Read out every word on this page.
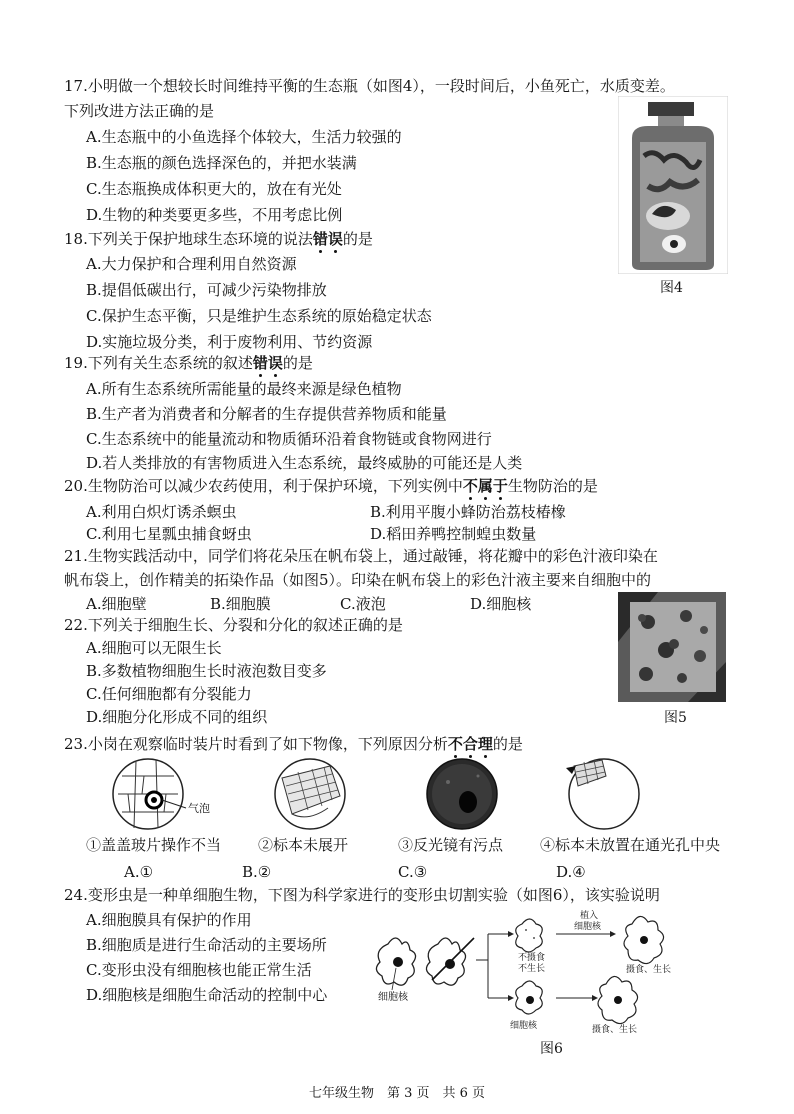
17.小明做一个想较长时间维持平衡的生态瓶（如图4），一段时间后，小鱼死亡，水质变差。
下列改进方法正确的是
A.生态瓶中的小鱼选择个体较大，生活力较强的
B.生态瓶的颜色选择深色的，并把水装满
C.生态瓶换成体积更大的，放在有光处
D.生物的种类要更多些，不用考虑比例
图4
18.下列关于保护地球生态环境的说法错误的是
A.大力保护和合理利用自然资源
B.提倡低碳出行，可减少污染物排放
C.保护生态平衡，只是维护生态系统的原始稳定状态
D.实施垃圾分类，利于废物利用、节约资源
19.下列有关生态系统的叙述错误的是
A.所有生态系统所需能量的最终来源是绿色植物
B.生产者为消费者和分解者的生存提供营养物质和能量
C.生态系统中的能量流动和物质循环沿着食物链或食物网进行
D.若人类排放的有害物质进入生态系统，最终威胁的可能还是人类
20.生物防治可以减少农药使用，利于保护环境，下列实例中不属于生物防治的是
A.利用白炽灯诱杀螟虫	B.利用平腹小蜂防治荔枝椿橡
C.利用七星瓢虫捕食蚜虫	D.稻田养鸭控制蝗虫数量
21.生物实践活动中，同学们将花朵压在帆布袋上，通过敲锤，将花瓣中的彩色汁液印染在
帆布袋上，创作精美的拓染作品（如图5）。印染在帆布袋上的彩色汁液主要来自细胞中的
A.细胞壁	B.细胞膜	C.液泡	D.细胞核
图5
22.下列关于细胞生长、分裂和分化的叙述正确的是
A.细胞可以无限生长
B.多数植物细胞生长时液泡数目变多
C.任何细胞都有分裂能力
D.细胞分化形成不同的组织
23.小岗在观察临时装片时看到了如下物像，下列原因分析不合理的是
气泡
①盖盖玻片操作不当 ②标本未展开	③反光镜有污点 ④标本未放置在通光孔中央
A.①	B.②	C.③	D.④
24.变形虫是一种单细胞生物，下图为科学家进行的变形虫切割实验（如图6），该实验说明
A.细胞膜具有保护的作用
B.细胞质是进行生命活动的主要场所
C.变形虫没有细胞核也能正常生活
D.细胞核是细胞生命活动的控制中心	细胞核
植入
细胞核
不摄食
不生长	摄食、生长
细胞核	摄食、生长
图6
七年级生物　第 3 页　共 6 页
